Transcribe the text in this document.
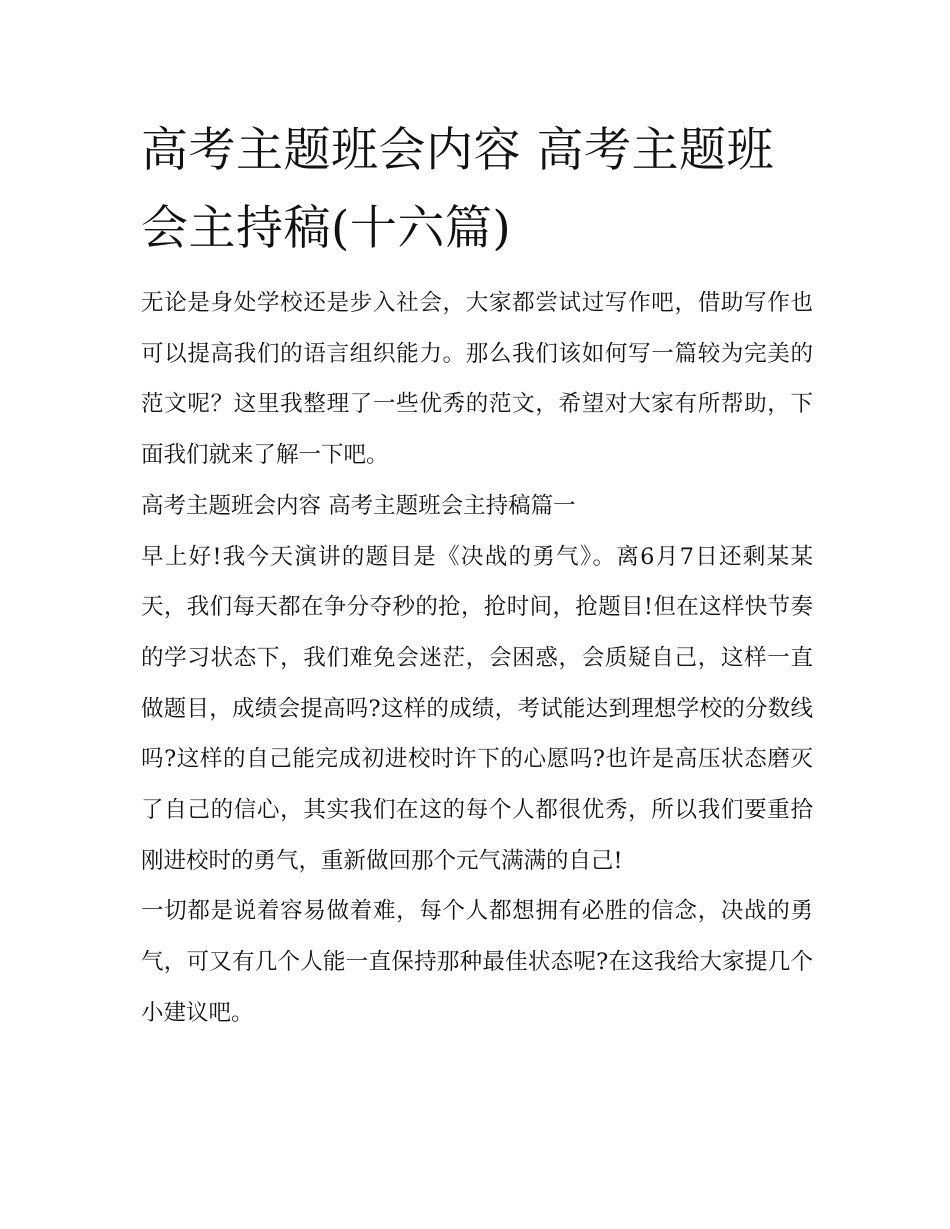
高考主题班会内容 高考主题班会主持稿(十六篇)

无论是身处学校还是步入社会，大家都尝试过写作吧，借助写作也可以提高我们的语言组织能力。那么我们该如何写一篇较为完美的范文呢？这里我整理了一些优秀的范文，希望对大家有所帮助，下面我们就来了解一下吧。

高考主题班会内容 高考主题班会主持稿篇一

早上好!我今天演讲的题目是《决战的勇气》。离6月7日还剩某某天，我们每天都在争分夺秒的抢，抢时间，抢题目!但在这样快节奏的学习状态下，我们难免会迷茫，会困惑，会质疑自己，这样一直做题目，成绩会提高吗?这样的成绩，考试能达到理想学校的分数线吗?这样的自己能完成初进校时许下的心愿吗?也许是高压状态磨灭了自己的信心，其实我们在这的每个人都很优秀，所以我们要重拾刚进校时的勇气，重新做回那个元气满满的自己!

一切都是说着容易做着难，每个人都想拥有必胜的信念，决战的勇气，可又有几个人能一直保持那种最佳状态呢?在这我给大家提几个小建议吧。
